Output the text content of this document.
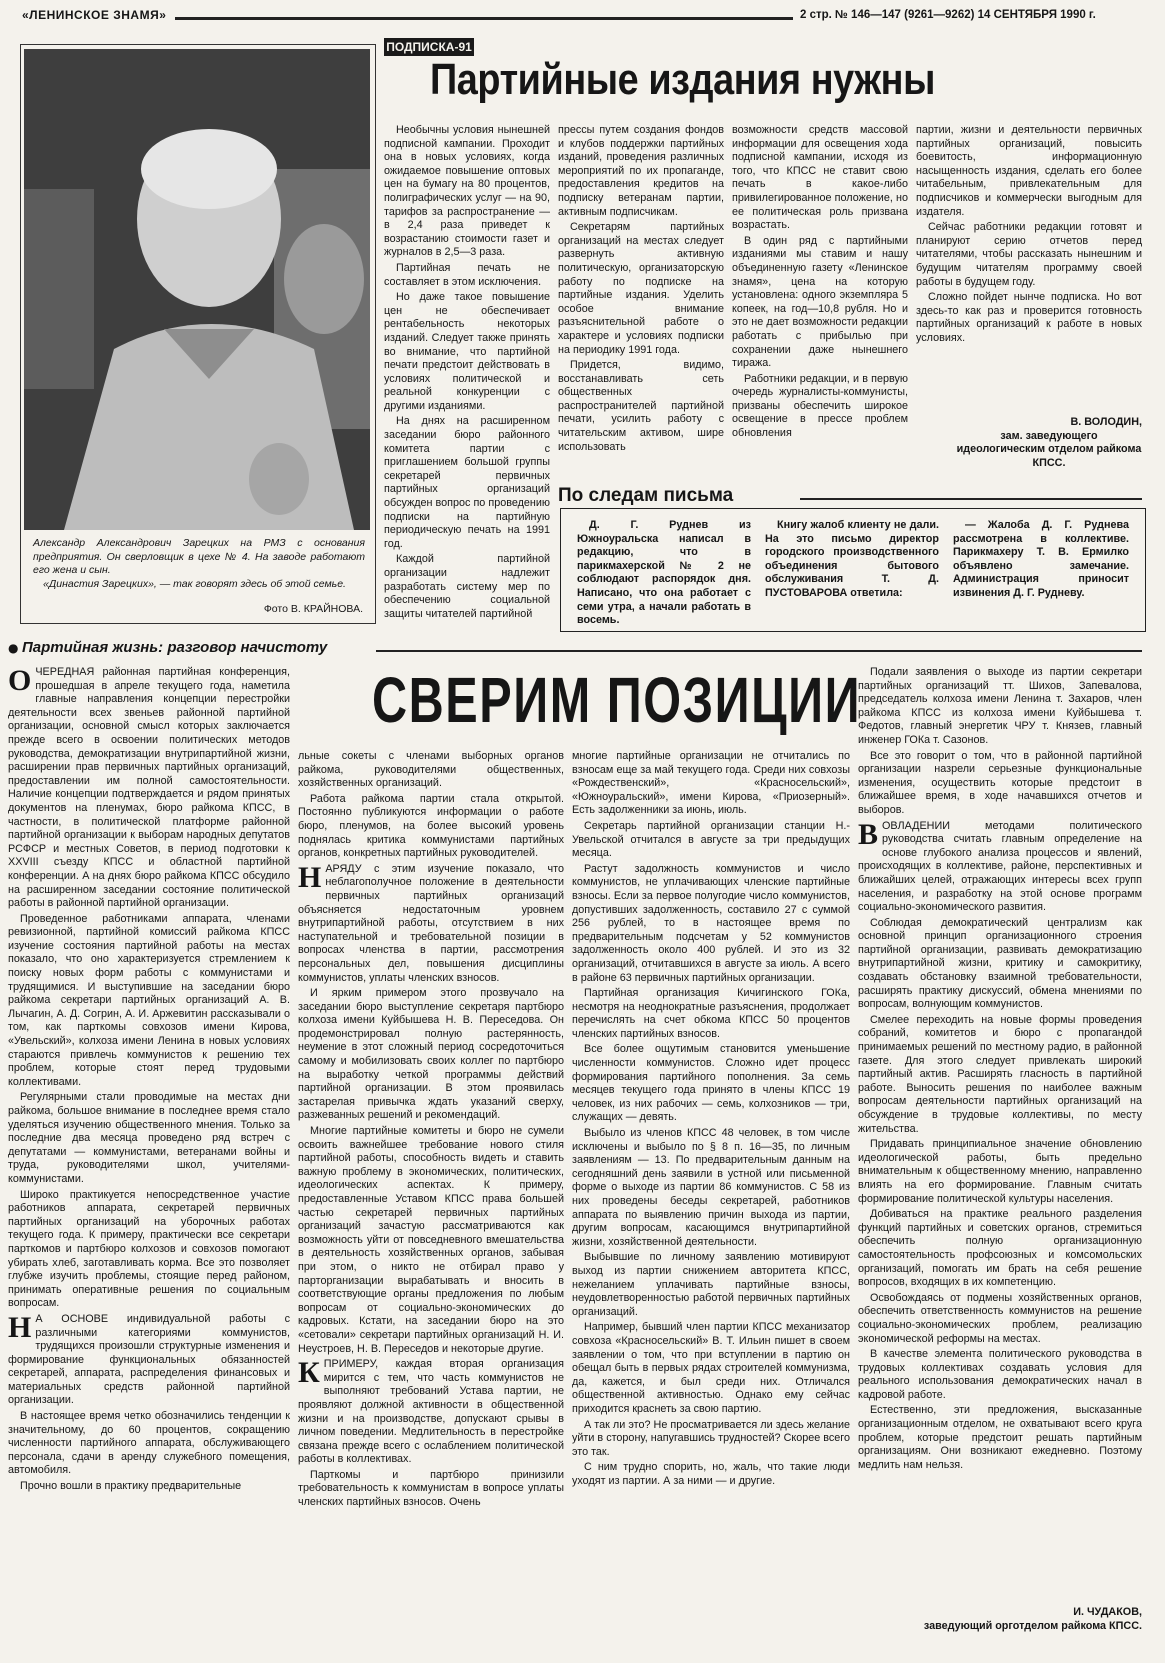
«ЛЕНИНСКОЕ ЗНАМЯ»	2 стр. № 146—147 (9261—9262) 14 СЕНТЯБРЯ 1990 г.
Александр Александрович Зарецких на РМЗ с основания предприятия. Он сверловщик в цехе № 4. На заводе работают его жена и сын.
«Династия Зарецких», — так говорят здесь об этой семье.
Фото В. КРАЙНОВА.
ПОДПИСКА-91
Партийные издания нужны

Необычны условия нынешней подписной кампании. Проходит она в новых условиях, когда ожидаемое повышение оптовых цен на бумагу на 80 процентов, полиграфических услуг — на 90, тарифов за распространение — в 2,4 раза приведет к возрастанию стоимости газет и журналов в 2,5—3 раза.

Партийная печать не составляет в этом исключения.

Но даже такое повышение цен не обеспечивает рентабельность некоторых изданий. Следует также принять во внимание, что партийной печати предстоит действовать в условиях политической и реальной конкуренции с другими изданиями.

На днях на расширенном заседании бюро районного комитета партии с приглашением большой группы секретарей первичных партийных организаций обсужден вопрос по проведению подписки на партийную периодическую печать на 1991 год.

Каждой партийной организации надлежит разработать систему мер по обеспечению социальной защиты читателей партийной

прессы путем создания фондов и клубов поддержки партийных изданий, проведения различных мероприятий по их пропаганде, предоставления кредитов на подписку ветеранам партии, активным подписчикам.

Секретарям партийных организаций на местах следует развернуть активную политическую, организаторскую работу по подписке на партийные издания. Уделить особое внимание разъяснительной работе о характере и условиях подписки на периодику 1991 года.

Придется, видимо, восстанавливать сеть общественных распространителей партийной печати, усилить работу с читательским активом, шире использовать

возможности средств массовой информации для освещения хода подписной кампании, исходя из того, что КПСС не ставит свою печать в какое-либо привилегированное положение, но ее политическая роль призвана возрастать.

В один ряд с партийными изданиями мы ставим и нашу объединенную газету «Ленинское знамя», цена на которую установлена: одного экземпляра 5 копеек, на год—10,8 рубля. Но и это не дает возможности редакции работать с прибылью при сохранении даже нынешнего тиража.

Работники редакции, и в первую очередь журналисты-коммунисты, призваны обеспечить широкое освещение в прессе проблем обновления

партии, жизни и деятельности первичных партийных организаций, повысить боевитость, информационную насыщенность издания, сделать его более читабельным, привлекательным для подписчиков и коммерчески выгодным для издателя.

Сейчас работники редакции готовят и планируют серию отчетов перед читателями, чтобы рассказать нынешним и будущим читателям программу своей работы в будущем году.

Сложно пойдет нынче подписка. Но вот здесь-то как раз и проверится готовность партийных организаций к работе в новых условиях.

В. ВОЛОДИН,
зам. заведующего идеологическим отделом райкома КПСС.
По следам письма
Д. Г. Руднев из Южноуральска написал в редакцию, что в парикмахерской № 2 не соблюдают распорядок дня. Написано, что она работает с семи утра, а начали работать в восемь.
Книгу жалоб клиенту не дали. На это письмо директор городского производственного объединения бытового обслуживания Т. Д. ПУСТОВАРОВА ответила:
— Жалоба Д. Г. Руднева рассмотрена в коллективе. Парикмахеру Т. В. Ермилко объявлено замечание. Администрация приносит извинения Д. Г. Рудневу.
● Партийная жизнь: разговор начистоту
СВЕРИМ ПОЗИЦИИ

ОЧЕРЕДНАЯ районная партийная конференция, прошедшая в апреле текущего года, наметила главные направления концепции перестройки деятельности всех звеньев районной партийной организации, основной смысл которых заключается прежде всего в освоении политических методов руководства, демократизации внутрипартийной жизни, расширении прав первичных партийных организаций, предоставлении им полной самостоятельности. Наличие концепции подтверждается и рядом принятых документов на пленумах, бюро райкома КПСС, в частности, в политической платформе районной партийной организации к выборам народных депутатов РСФСР и местных Советов, в период подготовки к XXVIII съезду КПСС и областной партийной конференции. А на днях бюро райкома КПСС обсудило на расширенном заседании состояние политической работы в районной партийной организации.

Проведенное работниками аппарата, членами ревизионной, партийной комиссий райкома КПСС изучение состояния партийной работы на местах показало, что оно характеризуется стремлением к поиску новых форм работы с коммунистами и трудящимися. И выступившие на заседании бюро райкома секретари партийных организаций А. В. Лычагин, А. Д. Согрин, А. И. Аржевитин рассказывали о том, как парткомы совхозов имени Кирова, «Увельский», колхоза имени Ленина в новых условиях стараются привлечь коммунистов к решению тех проблем, которые стоят перед трудовыми коллективами.

Регулярными стали проводимые на местах дни райкома, большое внимание в последнее время стало уделяться изучению общественного мнения. Только за последние два месяца проведено ряд встреч с депутатами — коммунистами, ветеранами войны и труда, руководителями школ, учителями-коммунистами.

Широко практикуется непосредственное участие работников аппарата, секретарей первичных партийных организаций на уборочных работах текущего года. К примеру, практически все секретари парткомов и партбюро колхозов и совхозов помогают убирать хлеб, заготавливать корма. Все это позволяет глубже изучить проблемы, стоящие перед районом, принимать оперативные решения по социальным вопросам.

Н А ОСНОВЕ индивидуальной работы с различными категориями коммунистов, трудящихся произошли структурные изменения и формирование функциональных обязанностей секретарей, аппарата, распределения финансовых и материальных средств районной партийной организации.

В настоящее время четко обозначились тенденции к значительному, до 60 процентов, сокращению численности партийного аппарата, обслуживающего персонала, сдачи в аренду служебного помещения, автомобиля.

Прочно вошли в практику предварительные

льные сокеты с членами выборных органов райкома, руководителями общественных, хозяйственных организаций.

Работа райкома партии стала открытой. Постоянно публикуются информации о работе бюро, пленумов, на более высокий уровень поднялась критика коммунистами партийных органов, конкретных партийных руководителей.

НАРЯДУ с этим изучение показало, что неблагополучное положение в деятельности первичных партийных организаций объясняется недостаточным уровнем внутрипартийной работы, отсутствием в них наступательной и требовательной позиции в вопросах членства в партии, рассмотрения персональных дел, повышения дисциплины коммунистов, уплаты членских взносов.

И ярким примером этого прозвучало на заседании бюро выступление секретаря партбюро колхоза имени Куйбышева Н. В. Переседова. Он продемонстрировал полную растерянность, неумение в этот сложный период сосредоточиться самому и мобилизовать своих коллег по партбюро на выработку четкой программы действий партийной организации. В этом проявилась застарелая привычка ждать указаний сверху, разжеванных решений и рекомендаций.

Многие партийные комитеты и бюро не сумели освоить важнейшее требование нового стиля партийной работы, способность видеть и ставить важную проблему в экономических, политических, идеологических аспектах. К примеру, предоставленные Уставом КПСС права большей частью секретарей первичных партийных организаций зачастую рассматриваются как возможность уйти от повседневного вмешательства в деятельность хозяйственных органов, забывая при этом, о никто не отбирал право у парторганизации вырабатывать и вносить в соответствующие органы предложения по любым вопросам от социально-экономических до кадровых. Кстати, на заседании бюро на это «сетовали» секретари партийных организаций Н. И. Неустроев, Н. В. Переседов и некоторые другие.

КПРИМЕРУ, каждая вторая организация мирится с тем, что часть коммунистов не выполняют требований Устава партии, не проявляют должной активности в общественной жизни и на производстве, допускают срывы в личном поведении. Медлительность в перестройке связана прежде всего с ослаблением политической работы в коллективах.

Парткомы и партбюро принизили требовательность к коммунистам в вопросе уплаты членских партийных взносов. Очень

многие партийные организации не отчитались по взносам еще за май текущего года. Среди них совхозы «Рождественский», «Красносельский», «Южноуральский», имени Кирова, «Приозерный». Есть задолженники за июнь, июль.

Секретарь партийной организации станции Н.- Увельской отчитался в августе за три предыдущих месяца.

Растут задолжность коммунистов и число коммунистов, не уплачивающих членские партийные взносы. Если за первое полугодие число коммунистов, допустивших задолженность, составило 27 с суммой 256 рублей, то в настоящее время по предварительным подсчетам у 52 коммунистов задолженность около 400 рублей. И это из 32 организаций, отчитавшихся в августе за июль. А всего в районе 63 первичных партийных организации.

Партийная организация Кичигинского ГОКа, несмотря на неоднократные разъяснения, продолжает перечислять на счет обкома КПСС 50 процентов членских партийных взносов.

Все более ощутимым становится уменьшение численности коммунистов. Сложно идет процесс формирования партийного пополнения. За семь месяцев текущего года принято в члены КПСС 19 человек, из них рабочих — семь, колхозников — три, служащих — девять.

Выбыло из членов КПСС 48 человек, в том числе исключены и выбыло по § 8 п. 16—35, по личным заявлениям — 13. По предварительным данным на сегодняшний день заявили в устной или письменной форме о выходе из партии 86 коммунистов. С 58 из них проведены беседы секретарей, работников аппарата по выявлению причин выхода из партии, другим вопросам, касающимся внутрипартийной жизни, хозяйственной деятельности.

Выбывшие по личному заявлению мотивируют выход из партии снижением авторитета КПСС, нежеланием уплачивать партийные взносы, неудовлетворенностью работой первичных партийных организаций.

Например, бывший член партии КПСС механизатор совхоза «Красносельский» В. Т. Ильин пишет в своем заявлении о том, что при вступлении в партию он обещал быть в первых рядах строителей коммунизма, да, кажется, и был среди них. Отличался общественной активностью. Однако ему сейчас приходится краснеть за свою партию.

А так ли это? Не просматривается ли здесь желание уйти в сторону, напугавшись трудностей? Скорее всего это так.

С ним трудно спорить, но, жаль, что такие люди уходят из партии. А за ними — и другие.

Подали заявления о выходе из партии секретари партийных организаций тт. Шихов, Запевалова, председатель колхоза имени Ленина т. Захаров, член райкома КПСС из колхоза имени Куйбышева т. Федотов, главный энергетик ЧРУ т. Князев, главный инженер ГОКа т. Сазонов.

Все это говорит о том, что в районной партийной организации назрели серьезные функциональные изменения, осуществить которые предстоит в ближайшее время, в ходе начавшихся отчетов и выборов.

ВОВЛАДЕНИИ методами политического руководства считать главным определение на основе глубокого анализа процессов и явлений, происходящих в коллективе, районе, перспективных и ближайших целей, отражающих интересы всех групп населения, и разработку на этой основе программ социально-экономического развития.

Соблюдая демократический централизм как основной принцип организационного строения партийной организации, развивать демократизацию внутрипартийной жизни, критику и самокритику, создавать обстановку взаимной требовательности, расширять практику дискуссий, обмена мнениями по вопросам, волнующим коммунистов.

Смелее переходить на новые формы проведения собраний, комитетов и бюро с пропагандой принимаемых решений по местному радио, в районной газете. Для этого следует привлекать широкий партийный актив. Расширять гласность в партийной работе. Выносить решения по наиболее важным вопросам деятельности партийных организаций на обсуждение в трудовые коллективы, по месту жительства.

Придавать принципиальное значение обновлению идеологической работы, быть предельно внимательным к общественному мнению, направленно влиять на его формирование. Главным считать формирование политической культуры населения.

Добиваться на практике реального разделения функций партийных и советских органов, стремиться обеспечить полную организационную самостоятельность профсоюзных и комсомольских организаций, помогать им брать на себя решение вопросов, входящих в их компетенцию.

Освобождаясь от подмены хозяйственных органов, обеспечить ответственность коммунистов на решение социально-экономических проблем, реализацию экономической реформы на местах.

В качестве элемента политического руководства в трудовых коллективах создавать условия для реального использования демократических начал в кадровой работе.

Естественно, эти предложения, высказанные организационным отделом, не охватывают всего круга проблем, которые предстоит решать партийным организациям. Они возникают ежедневно. Поэтому медлить нам нельзя.

И. ЧУДАКОВ,
заведующий орготделом райкома КПСС.
